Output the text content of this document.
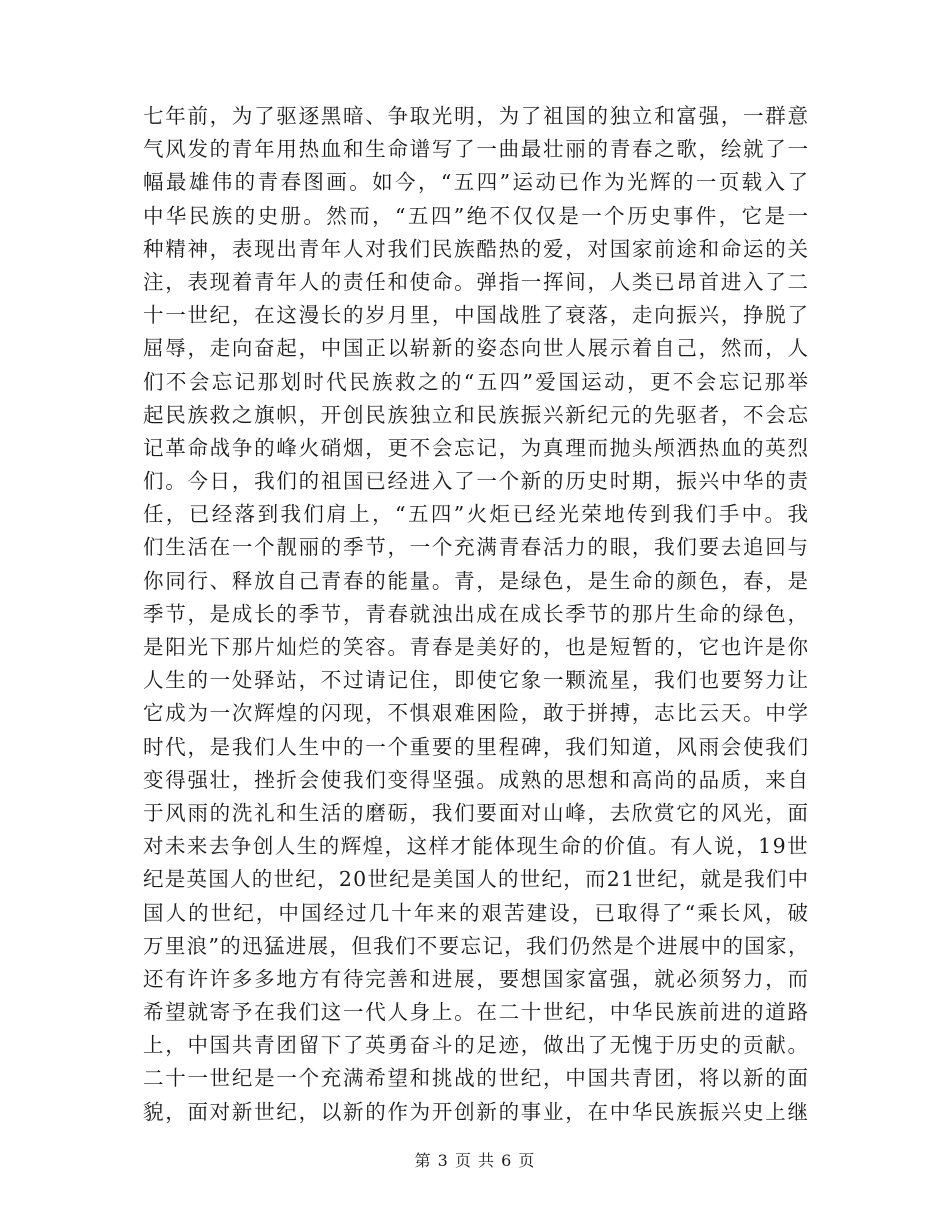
七年前，为了驱逐黑暗、争取光明，为了祖国的独立和富强，一群意
气风发的青年用热血和生命谱写了一曲最壮丽的青春之歌，绘就了一
幅最雄伟的青春图画。如今，“五四”运动已作为光辉的一页载入了
中华民族的史册。然而，“五四”绝不仅仅是一个历史事件，它是一
种精神，表现出青年人对我们民族酷热的爱，对国家前途和命运的关
注，表现着青年人的责任和使命。弹指一挥间，人类已昂首进入了二
十一世纪，在这漫长的岁月里，中国战胜了衰落，走向振兴，挣脱了
屈辱，走向奋起，中国正以崭新的姿态向世人展示着自己，然而，人
们不会忘记那划时代民族救之的“五四”爱国运动，更不会忘记那举
起民族救之旗帜，开创民族独立和民族振兴新纪元的先驱者，不会忘
记革命战争的峰火硝烟，更不会忘记，为真理而抛头颅洒热血的英烈
们。今日，我们的祖国已经进入了一个新的历史时期，振兴中华的责
任，已经落到我们肩上，“五四”火炬已经光荣地传到我们手中。我
们生活在一个靓丽的季节，一个充满青春活力的眼，我们要去追回与
你同行、释放自己青春的能量。青，是绿色，是生命的颜色，春，是
季节，是成长的季节，青春就浊出成在成长季节的那片生命的绿色，
是阳光下那片灿烂的笑容。青春是美好的，也是短暂的，它也许是你
人生的一处驿站，不过请记住，即使它象一颗流星，我们也要努力让
它成为一次辉煌的闪现，不惧艰难困险，敢于拼搏，志比云天。中学
时代，是我们人生中的一个重要的里程碑，我们知道，风雨会使我们
变得强壮，挫折会使我们变得坚强。成熟的思想和高尚的品质，来自
于风雨的洗礼和生活的磨砺，我们要面对山峰，去欣赏它的风光，面
对未来去争创人生的辉煌，这样才能体现生命的价值。有人说，19世
纪是英国人的世纪，20世纪是美国人的世纪，而21世纪，就是我们中
国人的世纪，中国经过几十年来的艰苦建设，已取得了“乘长风，破
万里浪”的迅猛进展，但我们不要忘记，我们仍然是个进展中的国家，
还有许许多多地方有待完善和进展，要想国家富强，就必须努力，而
希望就寄予在我们这一代人身上。在二十世纪，中华民族前进的道路
上，中国共青团留下了英勇奋斗的足迹，做出了无愧于历史的贡献。
二十一世纪是一个充满希望和挑战的世纪，中国共青团，将以新的面
貌，面对新世纪，以新的作为开创新的事业，在中华民族振兴史上继
第 3 页 共 6 页
